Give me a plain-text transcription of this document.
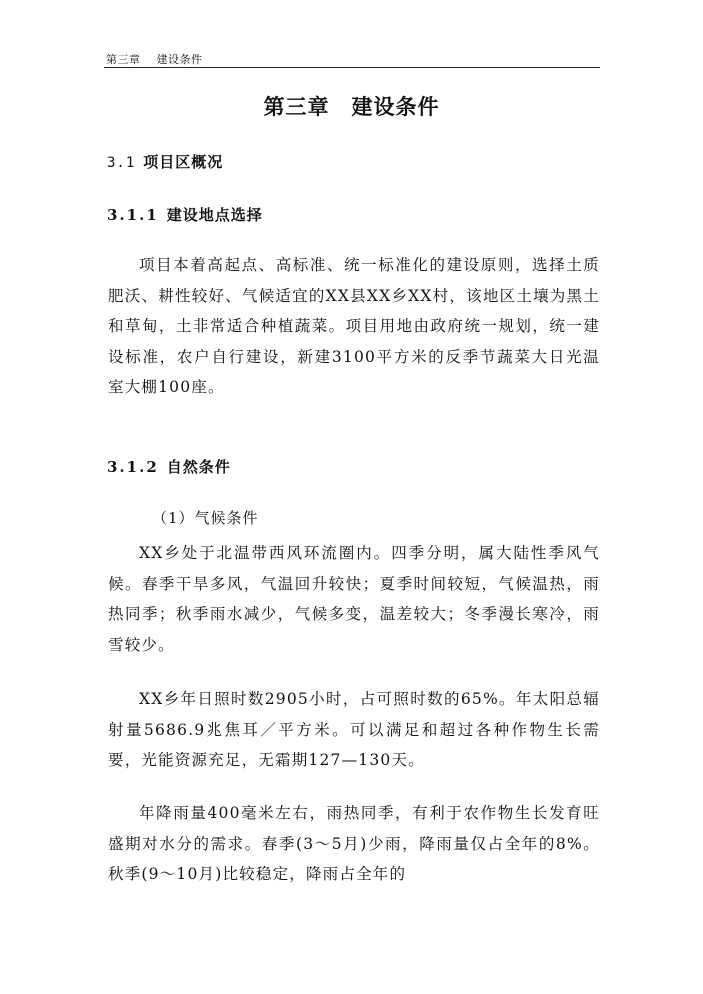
第三章 建设条件
第三章 建设条件
3.1 项目区概况
3.1.1 建设地点选择

项目本着高起点、高标准、统一标准化的建设原则，选择土质肥沃、耕性较好、气候适宜的XX县XX乡XX村，该地区土壤为黑土和草甸，土非常适合种植蔬菜。项目用地由政府统一规划，统一建设标准，农户自行建设，新建3100平方米的反季节蔬菜大日光温室大棚100座。

3.1.2 自然条件
（1）气候条件

XX乡处于北温带西风环流圈内。四季分明，属大陆性季风气候。春季干旱多风，气温回升较快；夏季时间较短，气候温热，雨热同季；秋季雨水减少，气候多变，温差较大；冬季漫长寒冷，雨雪较少。

XX乡年日照时数2905小时，占可照时数的65%。年太阳总辐射量5686.9兆焦耳／平方米。可以满足和超过各种作物生长需要，光能资源充足，无霜期127—130天。

年降雨量400毫米左右，雨热同季，有利于农作物生长发育旺盛期对水分的需求。春季(3～5月)少雨，降雨量仅占全年的8%。秋季(9～10月)比较稳定，降雨占全年的
